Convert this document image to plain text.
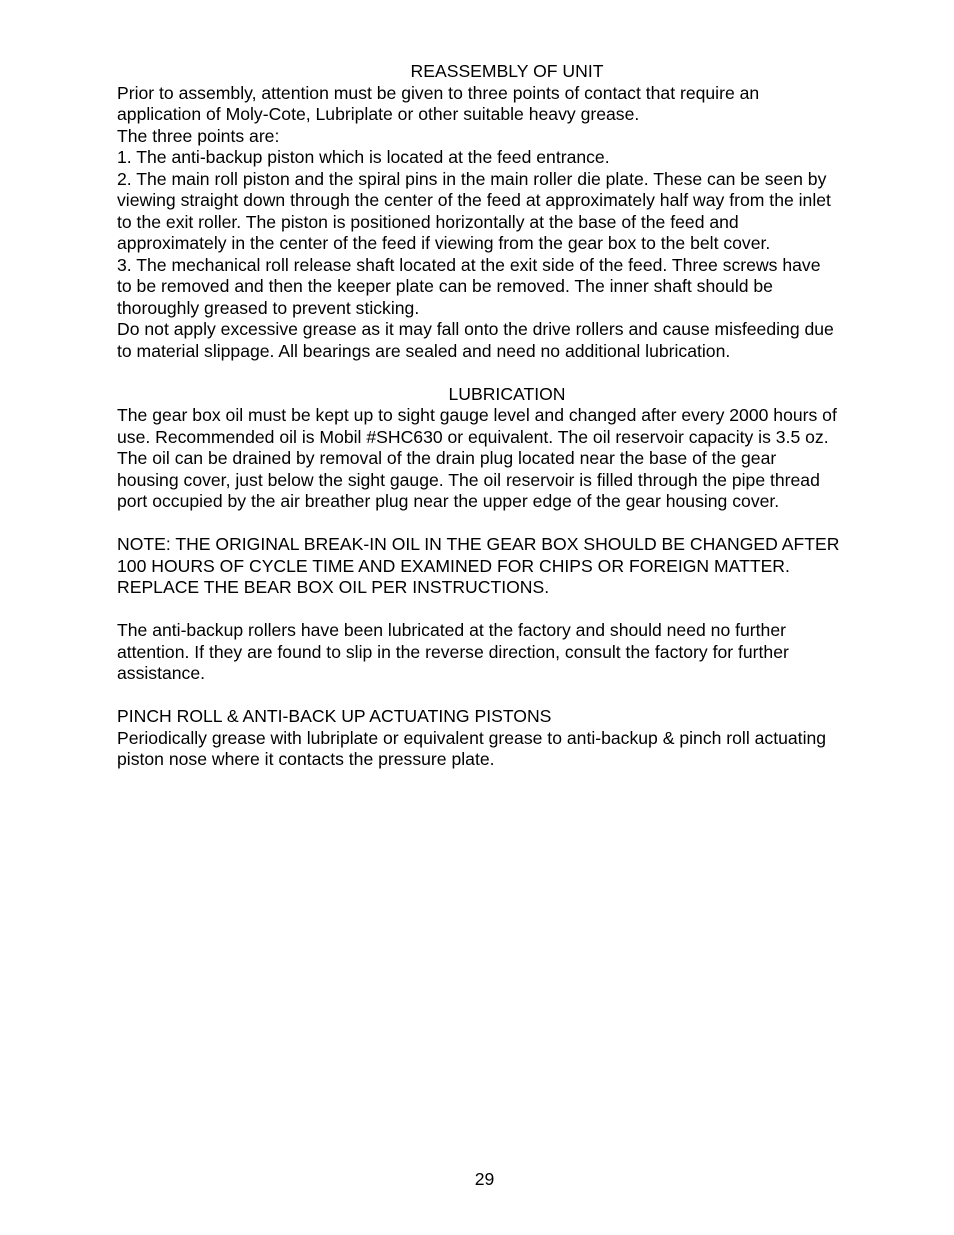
REASSEMBLY OF UNIT
Prior to assembly, attention must be given to three points of contact that require an
application of Moly-Cote, Lubriplate or other suitable heavy grease.
The three points are:
1. The anti-backup piston which is located at the feed entrance.
2. The main roll piston and the spiral pins in the main roller die plate. These can be seen by
viewing straight down through the center of the feed at approximately half way from the inlet
to the exit roller. The piston is positioned horizontally at the base of the feed and
approximately in the center of the feed if viewing from the gear box to the belt cover.
3. The mechanical roll release shaft located at the exit side of the feed. Three screws have
to be removed and then the keeper plate can be removed. The inner shaft should be
thoroughly greased to prevent sticking.
Do not apply excessive grease as it may fall onto the drive rollers and cause misfeeding due
to material slippage. All bearings are sealed and need no additional lubrication.
LUBRICATION
The gear box oil must be kept up to sight gauge level and changed after every 2000 hours of
use. Recommended oil is Mobil #SHC630 or equivalent. The oil reservoir capacity is 3.5 oz.
The oil can be drained by removal of the drain plug located near the base of the gear
housing cover, just below the sight gauge. The oil reservoir is filled through the pipe thread
port occupied by the air breather plug near the upper edge of the gear housing cover.
NOTE: THE ORIGINAL BREAK-IN OIL IN THE GEAR BOX SHOULD BE CHANGED AFTER
100 HOURS OF CYCLE TIME AND EXAMINED FOR CHIPS OR FOREIGN MATTER.
REPLACE THE BEAR BOX OIL PER INSTRUCTIONS.
The anti-backup rollers have been lubricated at the factory and should need no further
attention. If they are found to slip in the reverse direction, consult the factory for further
assistance.
PINCH ROLL & ANTI-BACK UP ACTUATING PISTONS
Periodically grease with lubriplate or equivalent grease to anti-backup & pinch roll actuating
piston nose where it contacts the pressure plate.
29
